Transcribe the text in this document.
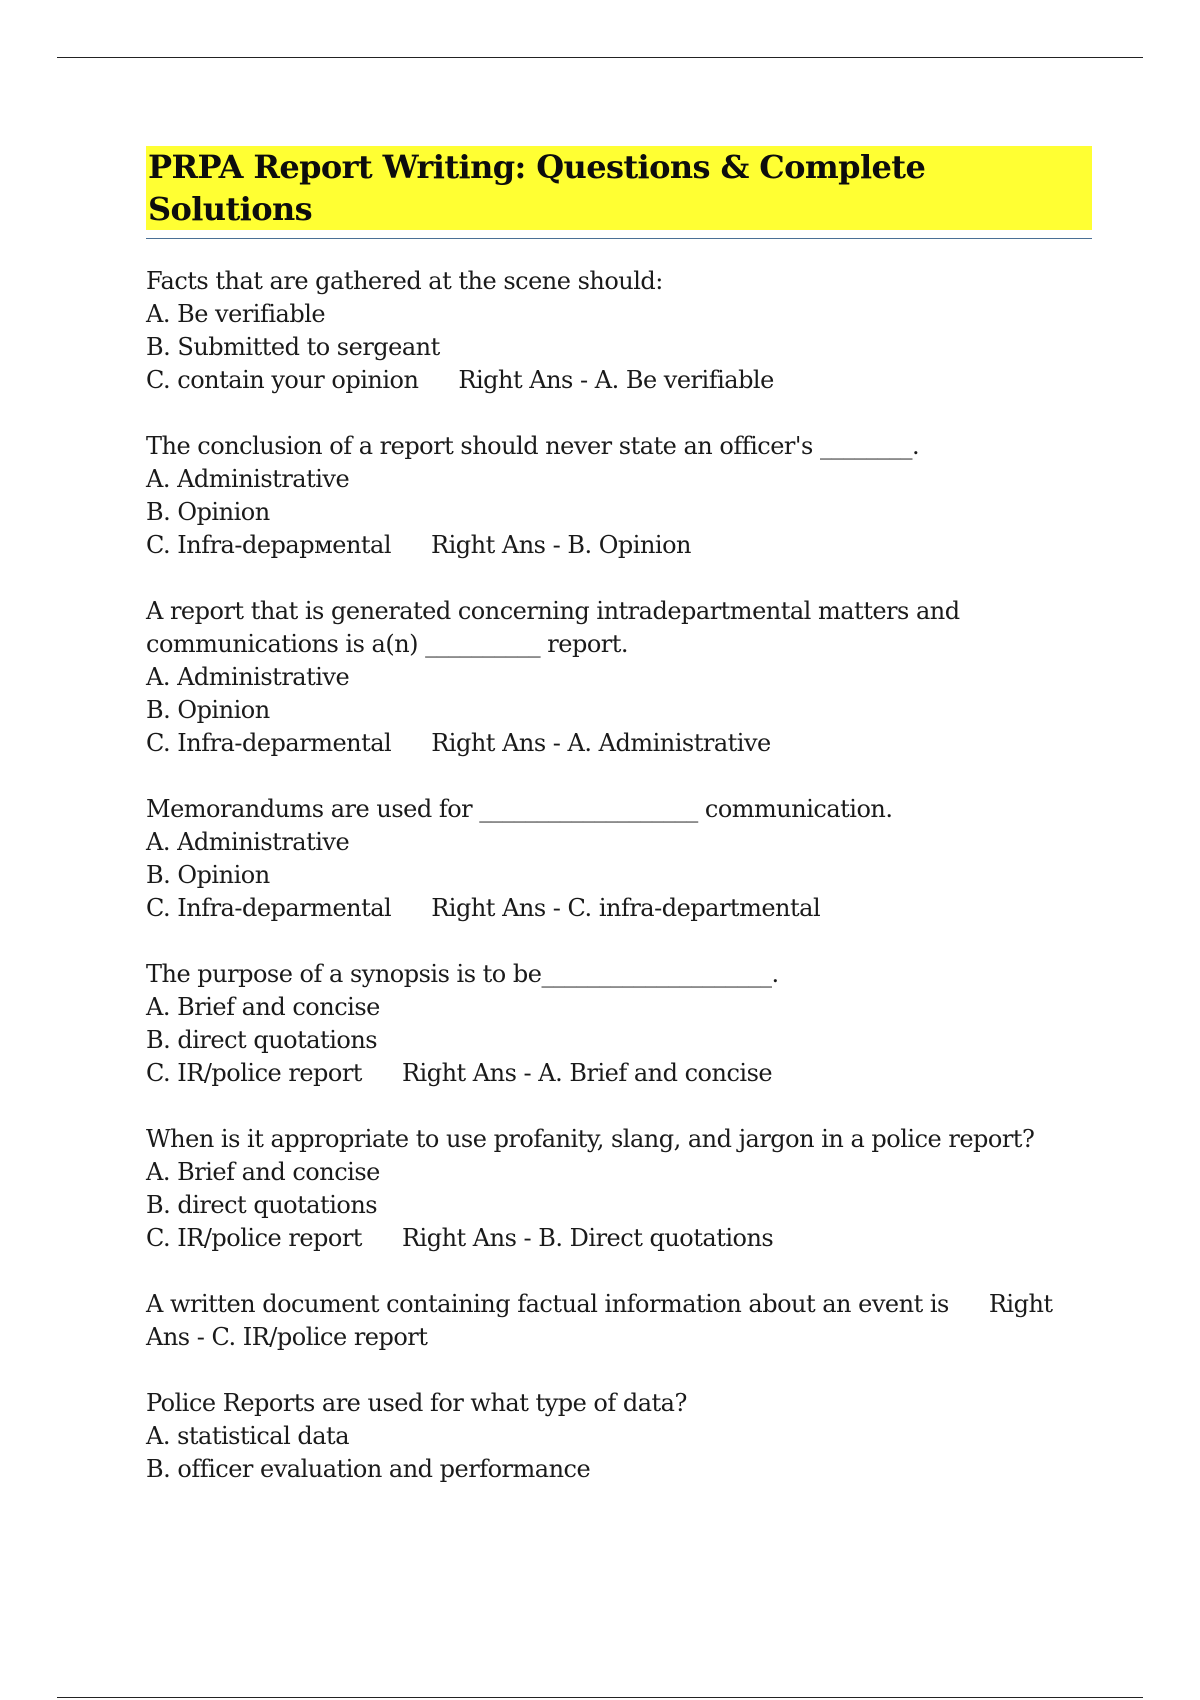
PRPA Report Writing: Questions & Complete Solutions

Facts that are gathered at the scene should:

A. Be verifiable

B. Submitted to sergeant

C. contain your opinion Right Ans - A. Be verifiable

The conclusion of a report should never state an officer's ________.

A. Administrative

B. Opinion

C. Infra-depармental Right Ans - B. Opinion

A report that is generated concerning intradepartmental matters and

communications is a(n) __________ report.

A. Administrative

B. Opinion

C. Infra-deparmental Right Ans - A. Administrative

Memorandums are used for ___________________ communication.

A. Administrative

B. Opinion

C. Infra-deparmental Right Ans - C. infra-departmental

The purpose of a synopsis is to be____________________.

A. Brief and concise

B. direct quotations

C. IR/police report Right Ans - A. Brief and concise

When is it appropriate to use profanity, slang, and jargon in a police report?

A. Brief and concise

B. direct quotations

C. IR/police report Right Ans - B. Direct quotations

A written document containing factual information about an event is Right Ans - C. IR/police report

Police Reports are used for what type of data?

A. statistical data

B. officer evaluation and performance
